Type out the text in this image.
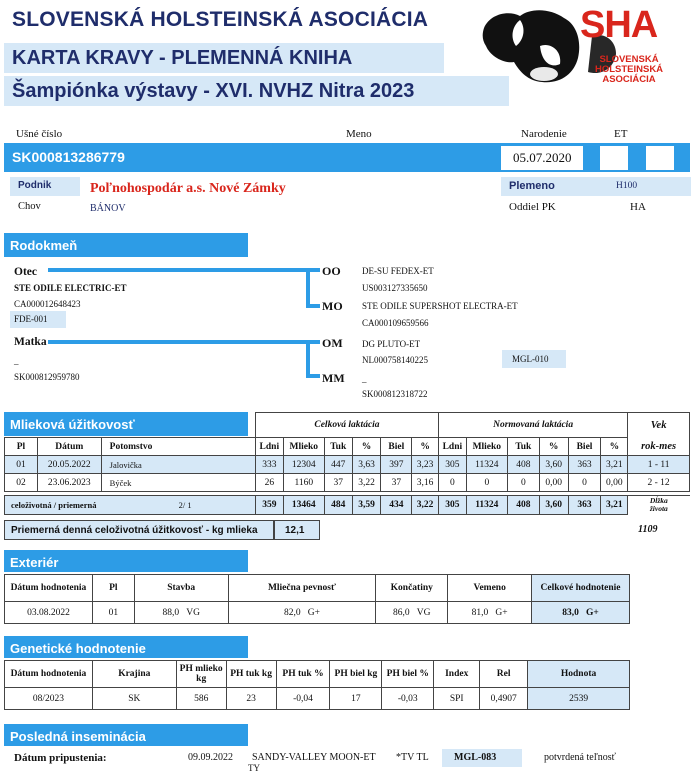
SLOVENSKÁ HOLSTEINSKÁ ASOCIÁCIA
KARTA KRAVY - PLEMENNÁ KNIHA
Šampiónka výstavy - XVI. NVHZ Nitra 2023
SHA
SLOVENSKÁ
HOLSTEINSKÁ ASOCIÁCIA
Ušné číslo	Meno	Narodenie	ET
SK000813286779	05.07.2020
Podnik	Poľnohospodár a.s. Nové Zámky
Chov	BÁNOV
Plemeno	H100
Oddiel PK	HA
Rodokmeň
Otec
STE ODILE ELECTRIC-ET
CA000012648423
FDE-001
OO DE-SU FEDEX-ET
US003127335650
MO STE ODILE SUPERSHOT ELECTRA-ET
CA000109659566
Matka
_
SK000812959780
OM DG PLUTO-ET
NL000758140225	MGL-010
MM _
SK000812318722
Mlieková úžitkovosť
			Celková laktácia						Normovaná laktácia						Vek
Pl	Dátum	Potomstvo	Ldni	Mlieko	Tuk	%	Biel	%	Ldni	Mlieko	Tuk	%	Biel	%	rok-mes
01	20.05.2022	Jalovička	333	12304	447	3,63	397	3,23	305	11324	408	3,60	363	3,21	1 - 11
02	23.06.2023	Býček	26	1160	37	3,22	37	3,16	0	0	0	0,00	0	0,00	2 - 12

celoživotná / priemerná 2/ 1			359	13464	484	3,59	434	3,22	305	11324	408	3,60	363	3,21	Dĺžka
života
Priemerná denná celoživotná úžitkovosť - kg mlieka	12,1	1109
Exteriér
Dátum hodnotenia	Pl	Stavba	Mliečna pevnosť	Končatiny	Vemeno	Celkové hodnotenie
03.08.2022	01	88,0 VG	82,0 G+	86,0 VG	81,0 G+	83,0 G+
Genetické hodnotenie
Dátum hodnotenia	Krajina	PH mlieko kg	PH tuk kg	PH tuk %	PH biel kg	PH biel %	Index	Rel	Hodnota
08/2023	SK	586	23	-0,04	17	-0,03	SPI	0,4907	2539
Posledná inseminácia
Dátum pripustenia:	09.09.2022 SANDY-VALLEY MOON-ET *TV TL
TY
MGL-083	potvrdená teľnosť
